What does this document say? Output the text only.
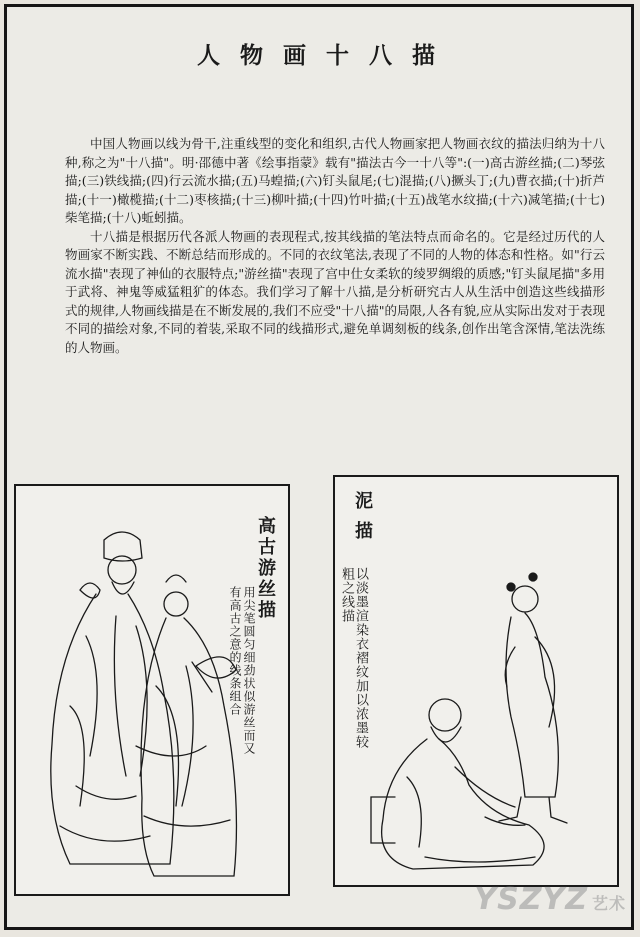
人 物 画 十 八 描

中国人物画以线为骨干,注重线型的变化和组织,古代人物画家把人物画衣纹的描法归纳为十八种,称之为"十八描"。明·邵德中著《绘事指蒙》载有"描法古今一十八等":(一)高古游丝描;(二)琴弦描;(三)铁线描;(四)行云流水描;(五)马蝗描;(六)钉头鼠尾;(七)混描;(八)撅头丁;(九)曹衣描;(十)折芦描;(十一)橄榄描;(十二)枣核描;(十三)柳叶描;(十四)竹叶描;(十五)战笔水纹描;(十六)减笔描;(十七)柴笔描;(十八)蚯蚓描。

十八描是根据历代各派人物画的表现程式,按其线描的笔法特点而命名的。它是经过历代的人物画家不断实践、不断总结而形成的。不同的衣纹笔法,表现了不同的人物的体态和性格。如"行云流水描"表现了神仙的衣服特点;"游丝描"表现了宫中仕女柔软的绫罗绸缎的质感;"钉头鼠尾描"多用于武将、神鬼等威猛粗犷的体态。我们学习了解十八描,是分析研究古人从生活中创造这些线描形式的规律,人物画线描是在不断发展的,我们不应受"十八描"的局限,人各有貌,应从实际出发对于表现不同的描绘对象,不同的着装,采取不同的线描形式,避免单调刻板的线条,创作出笔含深情,笔法洗练的人物画。

高古游丝描
用尖笔圆匀细劲状似游丝而又有高古之意的线条组合
泥 描
以淡墨渲染衣褶纹加以浓墨较粗之线描
YSZYZ 艺术
